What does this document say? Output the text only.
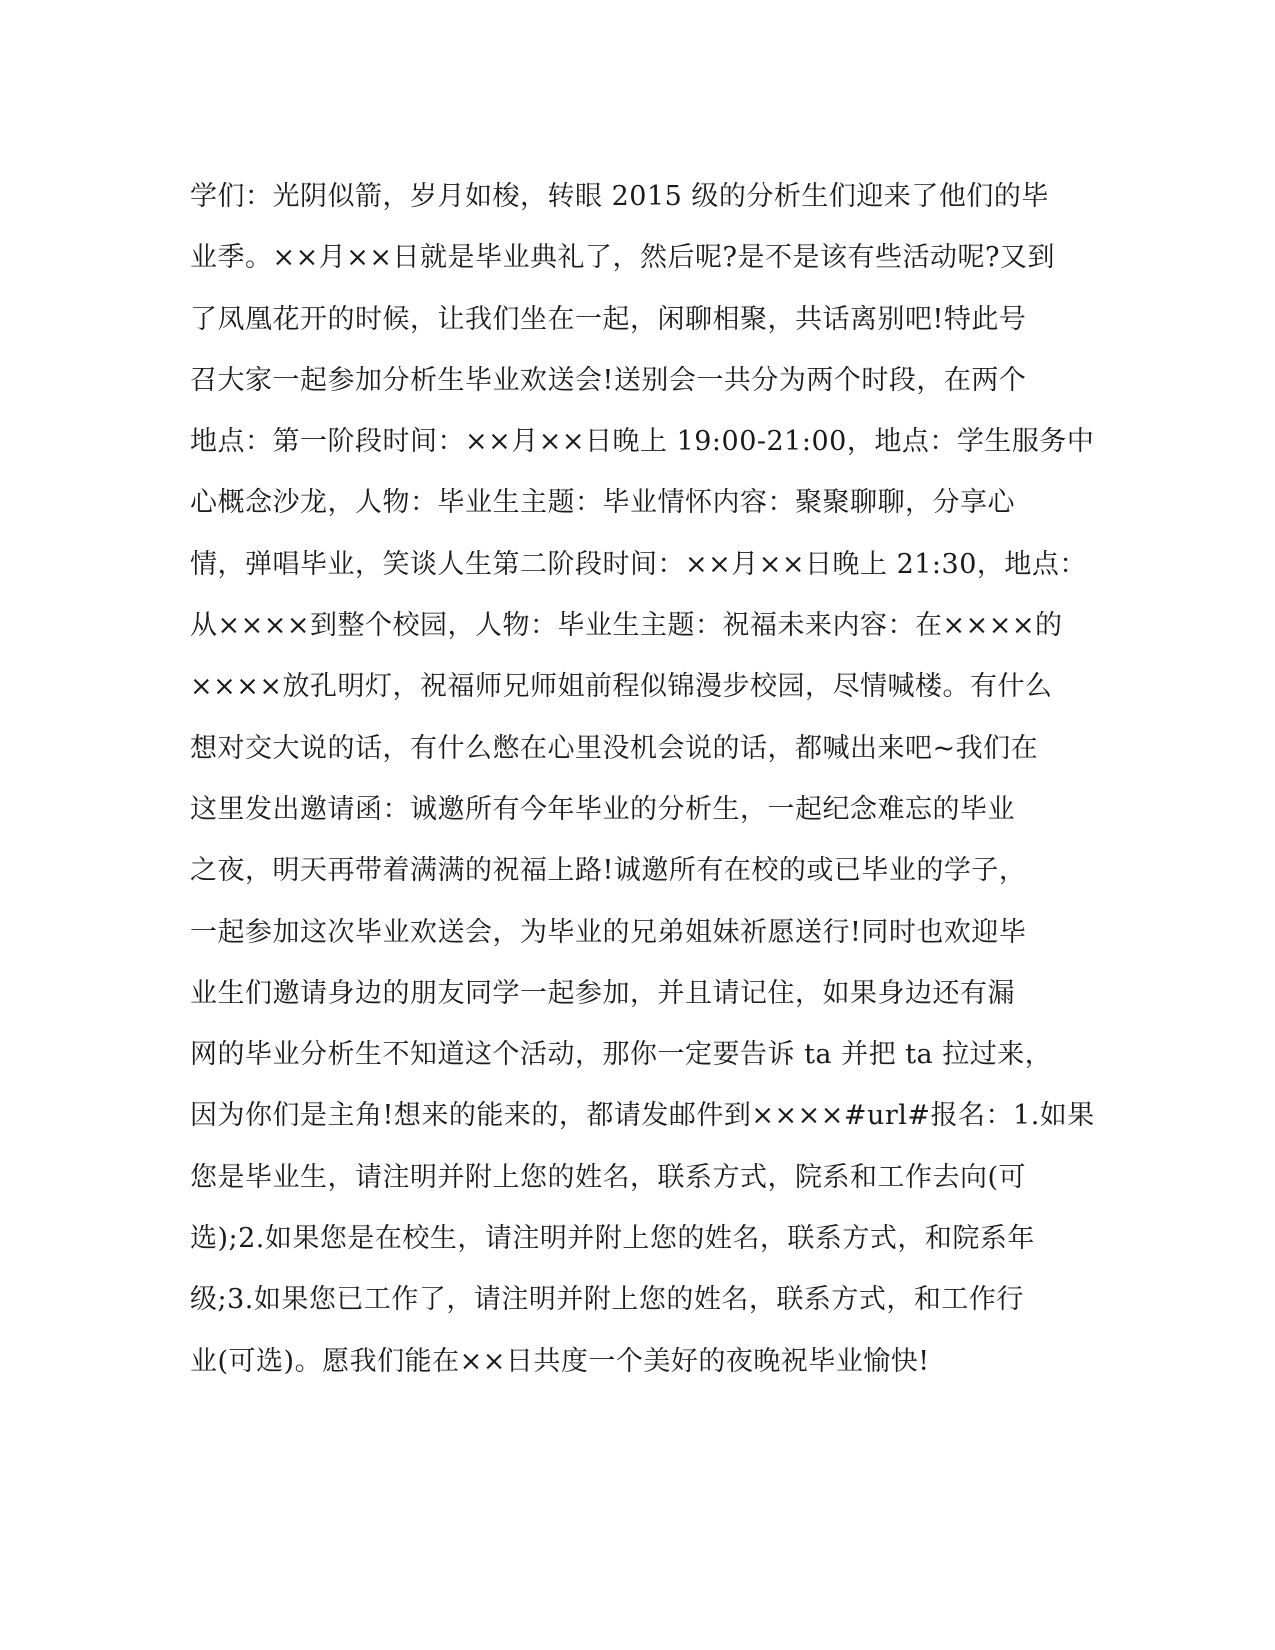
学们：光阴似箭，岁月如梭，转眼 2015 级的分析生们迎来了他们的毕
业季。××月××日就是毕业典礼了，然后呢?是不是该有些活动呢?又到
了凤凰花开的时候，让我们坐在一起，闲聊相聚，共话离别吧!特此号
召大家一起参加分析生毕业欢送会!送别会一共分为两个时段，在两个
地点：第一阶段时间：××月××日晚上 19:00-21:00，地点：学生服务中
心概念沙龙，人物：毕业生主题：毕业情怀内容：聚聚聊聊，分享心
情，弹唱毕业，笑谈人生第二阶段时间：××月××日晚上 21:30，地点：
从××××到整个校园，人物：毕业生主题：祝福未来内容：在××××的
××××放孔明灯，祝福师兄师姐前程似锦漫步校园，尽情喊楼。有什么
想对交大说的话，有什么憋在心里没机会说的话，都喊出来吧~我们在
这里发出邀请函：诚邀所有今年毕业的分析生，一起纪念难忘的毕业
之夜，明天再带着满满的祝福上路!诚邀所有在校的或已毕业的学子，
一起参加这次毕业欢送会，为毕业的兄弟姐妹祈愿送行!同时也欢迎毕
业生们邀请身边的朋友同学一起参加，并且请记住，如果身边还有漏
网的毕业分析生不知道这个活动，那你一定要告诉 ta 并把 ta 拉过来，
因为你们是主角!想来的能来的，都请发邮件到××××#url#报名：1.如果
您是毕业生，请注明并附上您的姓名，联系方式，院系和工作去向(可
选);2.如果您是在校生，请注明并附上您的姓名，联系方式，和院系年
级;3.如果您已工作了，请注明并附上您的姓名，联系方式，和工作行
业(可选)。愿我们能在××日共度一个美好的夜晚祝毕业愉快!
